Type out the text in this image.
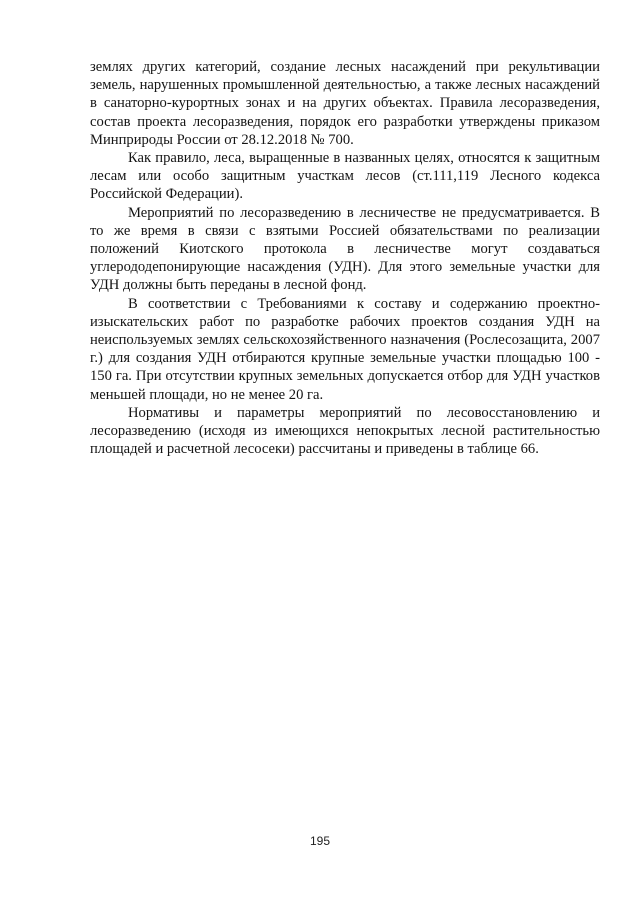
землях других категорий, создание лесных насаждений при рекультивации земель, нарушенных промышленной деятельностью, а также лесных насаждений в санаторно-курортных зонах и на других объектах. Правила лесоразведения, состав проекта лесоразведения, порядок его разработки утверждены приказом Минприроды России от 28.12.2018 № 700.

Как правило, леса, выращенные в названных целях, относятся к защитным лесам или особо защитным участкам лесов (ст.111,119 Лесного кодекса Российской Федерации).

Мероприятий по лесоразведению в лесничестве не предусматривается. В то же время в связи с взятыми Россией обязательствами по реализации положений Киотского протокола в лесничестве могут создаваться углерододепонирующие насаждения (УДН). Для этого земельные участки для УДН должны быть переданы в лесной фонд.

В соответствии с Требованиями к составу и содержанию проектно-изыскательских работ по разработке рабочих проектов создания УДН на неиспользуемых землях сельскохозяйственного назначения (Рослесозащита, 2007 г.) для создания УДН отбираются крупные земельные участки площадью 100 - 150 га. При отсутствии крупных земельных допускается отбор для УДН участков меньшей площади, но не менее 20 га.

Нормативы и параметры мероприятий по лесовосстановлению и лесоразведению (исходя из имеющихся непокрытых лесной растительностью площадей и расчетной лесосеки) рассчитаны и приведены в таблице 66.

195
